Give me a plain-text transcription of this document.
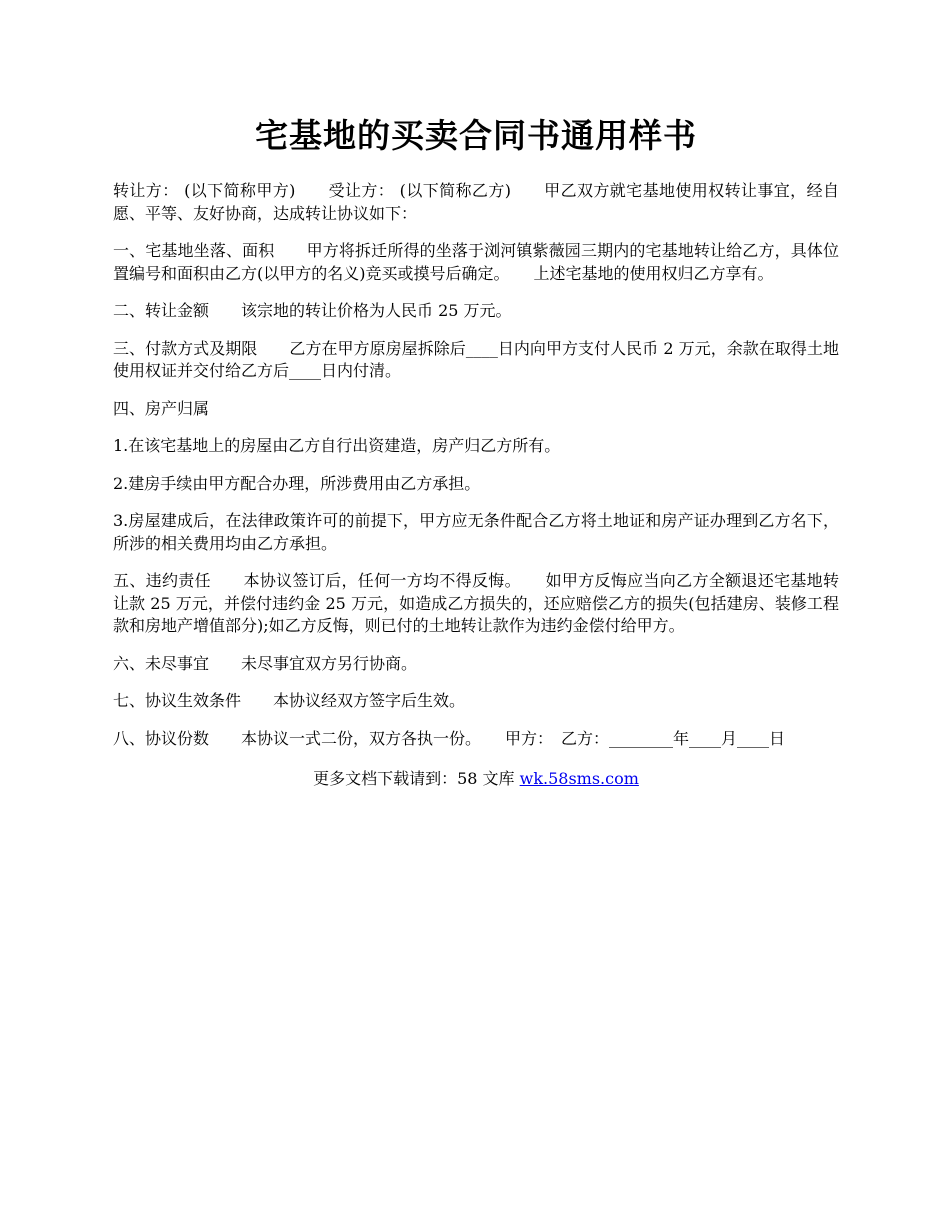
宅基地的买卖合同书通用样书

转让方： (以下简称甲方)　　受让方： (以下简称乙方)　　甲乙双方就宅基地使用权转让事宜，经自愿、平等、友好协商，达成转让协议如下：

一、宅基地坐落、面积　　甲方将拆迁所得的坐落于浏河镇紫薇园三期内的宅基地转让给乙方，具体位置编号和面积由乙方(以甲方的名义)竞买或摸号后确定。　　上述宅基地的使用权归乙方享有。

二、转让金额　　该宗地的转让价格为人民币 25 万元。

三、付款方式及期限　　乙方在甲方原房屋拆除后____日内向甲方支付人民币 2 万元，余款在取得土地使用权证并交付给乙方后____日内付清。

四、房产归属

1.在该宅基地上的房屋由乙方自行出资建造，房产归乙方所有。

2.建房手续由甲方配合办理，所涉费用由乙方承担。

3.房屋建成后，在法律政策许可的前提下，甲方应无条件配合乙方将土地证和房产证办理到乙方名下，所涉的相关费用均由乙方承担。

五、违约责任　　本协议签订后，任何一方均不得反悔。　　如甲方反悔应当向乙方全额退还宅基地转让款 25 万元，并偿付违约金 25 万元，如造成乙方损失的，还应赔偿乙方的损失(包括建房、装修工程款和房地产增值部分);如乙方反悔，则已付的土地转让款作为违约金偿付给甲方。

六、未尽事宜　　未尽事宜双方另行协商。

七、协议生效条件　　本协议经双方签字后生效。

八、协议份数　　本协议一式二份，双方各执一份。　　甲方：　乙方：________年____月____日

更多文档下载请到：58 文库 wk.58sms.com
